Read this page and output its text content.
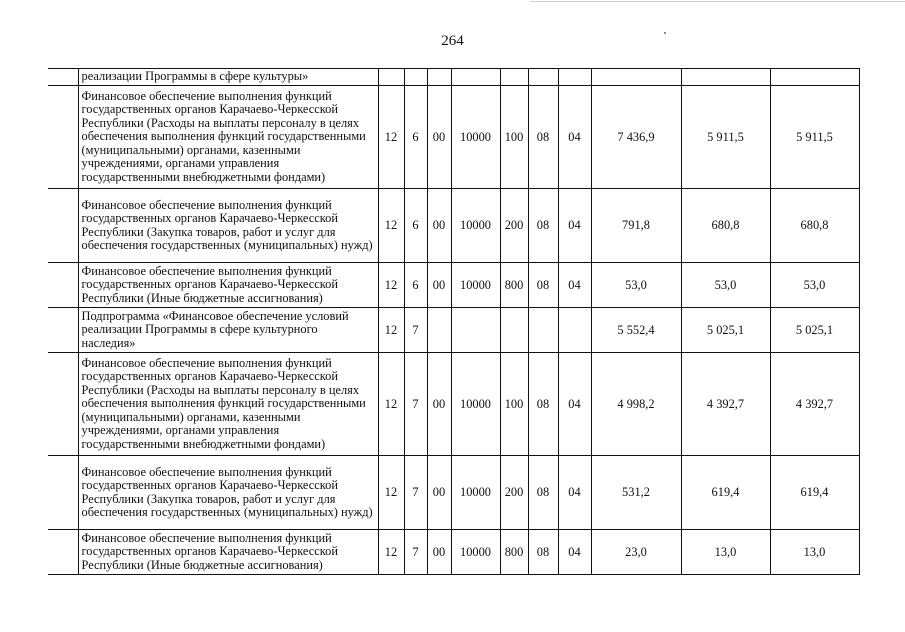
264
	реализации Программы в сфере культуры»										
	Финансовое обеспечение выполнения функций государственных органов Карачаево-Черкесской Республики (Расходы на выплаты персоналу в целях обеспечения выполнения функций государственными (муниципальными) органами, казенными учреждениями, органами управления государственными внебюджетными фондами)	12	6	00	10000	100	08	04	7 436,9	5 911,5	5 911,5
	Финансовое обеспечение выполнения функций государственных органов Карачаево-Черкесской Республики (Закупка товаров, работ и услуг для обеспечения государственных (муниципальных) нужд)	12	6	00	10000	200	08	04	791,8	680,8	680,8
	Финансовое обеспечение выполнения функций государственных органов Карачаево-Черкесской Республики (Иные бюджетные ассигнования)	12	6	00	10000	800	08	04	53,0	53,0	53,0
	Подпрограмма «Финансовое обеспечение условий реализации Программы в сфере культурного наследия»	12	7						5 552,4	5 025,1	5 025,1
	Финансовое обеспечение выполнения функций государственных органов Карачаево-Черкесской Республики (Расходы на выплаты персоналу в целях обеспечения выполнения функций государственными (муниципальными) органами, казенными учреждениями, органами управления государственными внебюджетными фондами)	12	7	00	10000	100	08	04	4 998,2	4 392,7	4 392,7
	Финансовое обеспечение выполнения функций государственных органов Карачаево-Черкесской Республики (Закупка товаров, работ и услуг для обеспечения государственных (муниципальных) нужд)	12	7	00	10000	200	08	04	531,2	619,4	619,4
	Финансовое обеспечение выполнения функций государственных органов Карачаево-Черкесской Республики (Иные бюджетные ассигнования)	12	7	00	10000	800	08	04	23,0	13,0	13,0
